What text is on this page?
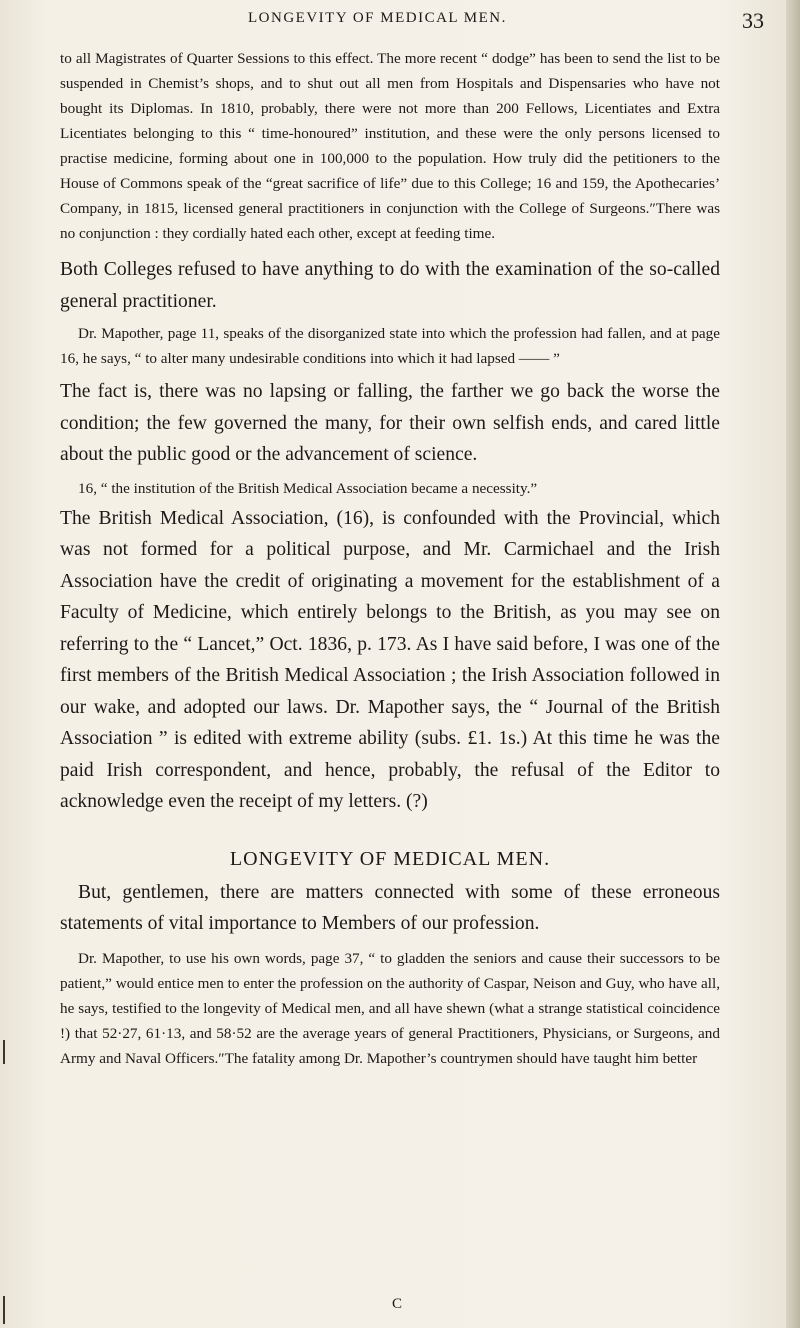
LONGEVITY OF MEDICAL MEN.	33

to all Magistrates of Quarter Sessions to this effect. The more recent “ dodge” has been to send the list to be suspended in Chemist’s shops, and to shut out all men from Hospitals and Dispensaries who have not bought its Diplomas. In 1810, probably, there were not more than 200 Fellows, Licentiates and Extra Licentiates belonging to this “ time-honoured” institution, and these were the only persons licensed to practise medicine, forming about one in 100,000 to the population. How truly did the petitioners to the House of Commons speak of the “great sacrifice of life” due to this College; 16 and 159, the Apothecaries’ Company, in 1815, licensed general practitioners in conjunction with the College of Surgeons.″There was no conjunction : they cordially hated each other, except at feeding time.

Both Colleges refused to have anything to do with the examination of the so-called general practitioner.

Dr. Mapother, page 11, speaks of the disorganized state into which the profession had fallen, and at page 16, he says, “ to alter many undesirable conditions into which it had lapsed —— ”

The fact is, there was no lapsing or falling, the farther we go back the worse the condition; the few governed the many, for their own selfish ends, and cared little about the public good or the advancement of science.

16, “ the institution of the British Medical Association became a necessity.”

The British Medical Association, (16), is confounded with the Provincial, which was not formed for a political purpose, and Mr. Carmichael and the Irish Association have the credit of originating a movement for the establishment of a Faculty of Medicine, which entirely belongs to the British, as you may see on referring to the “ Lancet,” Oct. 1836, p. 173. As I have said before, I was one of the first members of the British Medical Association ; the Irish Association followed in our wake, and adopted our laws. Dr. Mapother says, the “ Journal of the British Association ” is edited with extreme ability (subs. £1. 1s.) At this time he was the paid Irish correspondent, and hence, probably, the refusal of the Editor to acknowledge even the receipt of my letters. (?)

LONGEVITY OF MEDICAL MEN.

But, gentlemen, there are matters connected with some of these erroneous statements of vital importance to Members of our profession.

Dr. Mapother, to use his own words, page 37, “ to gladden the seniors and cause their successors to be patient,” would entice men to enter the profession on the authority of Caspar, Neison and Guy, who have all, he says, testified to the longevity of Medical men, and all have shewn (what a strange statistical coincidence !) that 52·27, 61·13, and 58·52 are the average years of general Practitioners, Physicians, or Surgeons, and Army and Naval Officers.″The fatality among Dr. Mapother’s countrymen should have taught him better

C
